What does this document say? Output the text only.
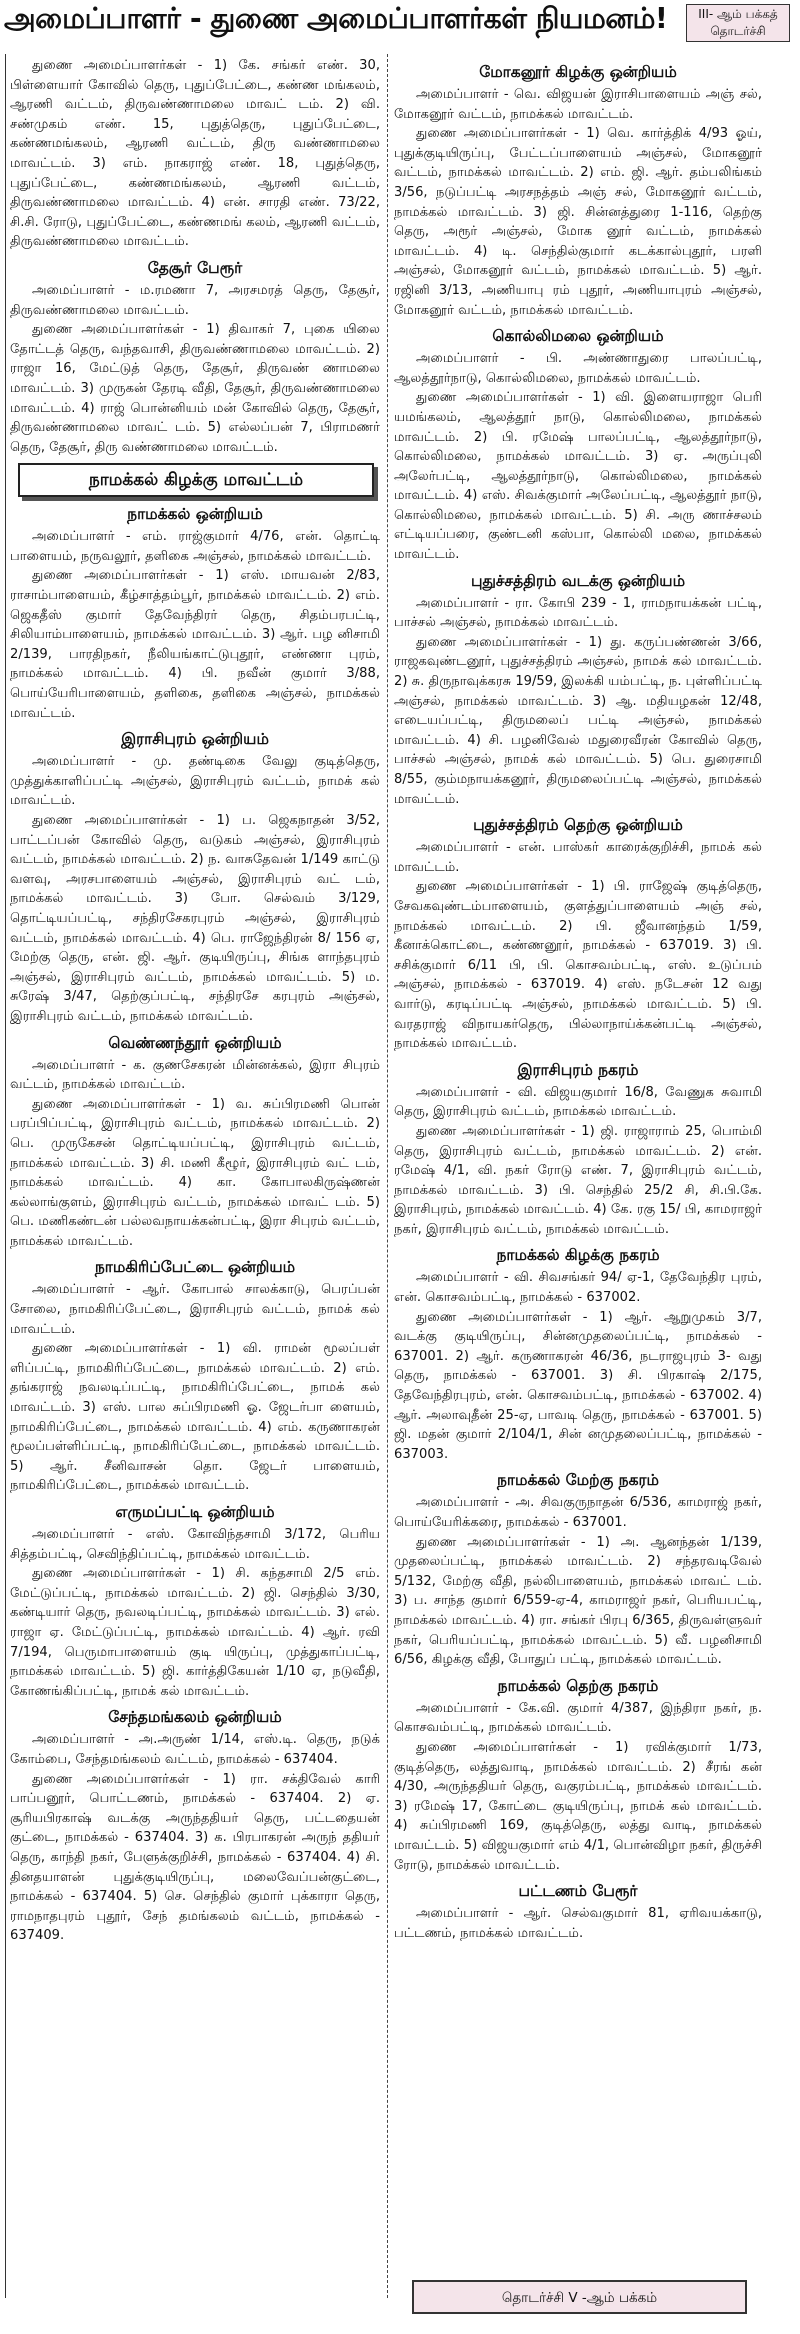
அமைப்பாளர் - துணை அமைப்பாளர்கள் நியமனம்!	III- ஆம் பக்கத் தொடர்ச்சி
துணை அமைப்பாளர்கள் - 1) கே. சங்கர் எண். 30, பிள்ளையார் கோவில் தெரு, புதுப்பேட்டை, கண்ண மங்கலம், ஆரணி வட்டம், திருவண்ணாமலை மாவட் டம். 2) வி. சண்முகம் எண். 15, புதுத்தெரு, புதுப்பேட்டை, கண்ணமங்கலம், ஆரணி வட்டம், திரு வண்ணாமலை மாவட்டம். 3) எம். நாகராஜ் எண். 18, புதுத்தெரு, புதுப்பேட்டை, கண்ணமங்கலம், ஆரணி வட்டம், திருவண்ணாமலை மாவட்டம். 4) என். சாரதி எண். 73/22, சி.சி. ரோடு, புதுப்பேட்டை, கண்ணமங் கலம், ஆரணி வட்டம், திருவண்ணாமலை மாவட்டம்.
தேசூர் பேரூர்
அமைப்பாளர் - ம.ரமணா 7, அரசமரத் தெரு, தேசூர், திருவண்ணாமலை மாவட்டம்.
துணை அமைப்பாளர்கள் - 1) திவாகர் 7, புகை யிலை தோட்டத் தெரு, வந்தவாசி, திருவண்ணாமலை மாவட்டம். 2) ராஜா 16, மேட்டுத் தெரு, தேசூர், திருவண் ணாமலை மாவட்டம். 3) முருகன் தேரடி வீதி, தேசூர், திருவண்ணாமலை மாவட்டம். 4) ராஜ் பொன்னியம் மன் கோவில் தெரு, தேசூர், திருவண்ணாமலை மாவட் டம். 5) எல்லப்பன் 7, பிராமணர் தெரு, தேசூர், திரு வண்ணாமலை மாவட்டம்.
நாமக்கல் கிழக்கு மாவட்டம்
நாமக்கல் ஒன்றியம்
அமைப்பாளர் - எம். ராஜ்குமார் 4/76, என். தொட்டி பாளையம், நருவலூர், தளிகை அஞ்சல், நாமக்கல் மாவட்டம்.
துணை அமைப்பாளர்கள் - 1) எஸ். மாயவன் 2/83, ராசாம்பாளையம், கீழ்சாத்தம்பூர், நாமக்கல் மாவட்டம். 2) எம். ஜெகதீஸ் குமார் தேவேந்திரர் தெரு, சிதம்பரபட்டி, சிலியாம்பாளையம், நாமக்கல் மாவட்டம். 3) ஆர். பழ னிசாமி 2/139, பாரதிநகர், நீலியங்காட்டுபுதூர், எண்ணா புரம், நாமக்கல் மாவட்டம். 4) பி. நவீன் குமார் 3/88, பொய்யேரிபாளையம், தளிகை, தளிகை அஞ்சல், நாமக்கல் மாவட்டம்.
இராசிபுரம் ஒன்றியம்
அமைப்பாளர் - மு. தண்டிகை வேலு குடித்தெரு, முத்துக்காளிப்பட்டி அஞ்சல், இராசிபுரம் வட்டம், நாமக் கல் மாவட்டம்.
துணை அமைப்பாளர்கள் - 1) ப. ஜெகநாதன் 3/52, பாட்டப்பன் கோவில் தெரு, வடுகம் அஞ்சல், இராசிபுரம் வட்டம், நாமக்கல் மாவட்டம். 2) ந. வாசுதேவன் 1/149 காட்டு வளவு, அரசபாளையம் அஞ்சல், இராசிபுரம் வட் டம், நாமக்கல் மாவட்டம். 3) போ. செல்வம் 3/129, தொட்டியப்பட்டி, சந்திரசேகரபுரம் அஞ்சல், இராசிபுரம் வட்டம், நாமக்கல் மாவட்டம். 4) பெ. ராஜேந்திரன் 8/ 156 ஏ, மேற்கு தெரு, என். ஜி. ஆர். குடியிருப்பு, சிங்க ளாந்தபுரம் அஞ்சல், இராசிபுரம் வட்டம், நாமக்கல் மாவட்டம். 5) ம. சுரேஷ் 3/47, தெற்குப்பட்டி, சந்திரசே கரபுரம் அஞ்சல், இராசிபுரம் வட்டம், நாமக்கல் மாவட்டம்.
வெண்ணந்தூர் ஒன்றியம்
அமைப்பாளர் - க. குணசேகரன் மின்னக்கல், இரா சிபுரம் வட்டம், நாமக்கல் மாவட்டம்.
துணை அமைப்பாளர்கள் - 1) வ. சுப்பிரமணி பொன் பரப்பிப்பட்டி, இராசிபுரம் வட்டம், நாமக்கல் மாவட்டம். 2) பெ. முருகேசன் தொட்டியப்பட்டி, இராசிபுரம் வட்டம், நாமக்கல் மாவட்டம். 3) சி. மணி கீழூர், இராசிபுரம் வட் டம், நாமக்கல் மாவட்டம். 4) கா. கோபாலகிருஷ்ணன் கல்லாங்குளம், இராசிபுரம் வட்டம், நாமக்கல் மாவட் டம். 5) பெ. மணிகண்டன் பல்லவநாயக்கன்பட்டி, இரா சிபுரம் வட்டம், நாமக்கல் மாவட்டம்.
நாமகிரிப்பேட்டை ஒன்றியம்
அமைப்பாளர் - ஆர். கோபால் சாலக்காடு, பெரப்பன் சோலை, நாமகிரிப்பேட்டை, இராசிபுரம் வட்டம், நாமக் கல் மாவட்டம்.
துணை அமைப்பாளர்கள் - 1) வி. ராமன் மூலப்பள் ளிப்பட்டி, நாமகிரிப்பேட்டை, நாமக்கல் மாவட்டம். 2) எம். தங்கராஜ் நவலடிப்பட்டி, நாமகிரிப்பேட்டை, நாமக் கல் மாவட்டம். 3) எஸ். பால சுப்பிரமணி ஓ. ஜேடர்பா ளையம், நாமகிரிப்பேட்டை, நாமக்கல் மாவட்டம். 4) எம். கருணாகரன் மூலப்பள்ளிப்பட்டி, நாமகிரிப்பேட்டை, நாமக்கல் மாவட்டம். 5) ஆர். சீனிவாசன் தொ. ஜேடர் பாளையம், நாமகிரிப்பேட்டை, நாமக்கல் மாவட்டம்.
எருமப்பட்டி ஒன்றியம்
அமைப்பாளர் - எஸ். கோவிந்தசாமி 3/172, பெரிய சித்தம்பட்டி, செவிந்திப்பட்டி, நாமக்கல் மாவட்டம்.
துணை அமைப்பாளர்கள் - 1) சி. கந்தசாமி 2/5 எம். மேட்டுப்பட்டி, நாமக்கல் மாவட்டம். 2) ஜி. செந்தில் 3/30, கண்டியார் தெரு, நவலடிப்பட்டி, நாமக்கல் மாவட்டம். 3) எல். ராஜா ஏ. மேட்டுப்பட்டி, நாமக்கல் மாவட்டம். 4) ஆர். ரவி 7/194, பெருமாபாளையம் குடி யிருப்பு, முத்துகாப்பட்டி, நாமக்கல் மாவட்டம். 5) ஜி. கார்த்திகேயன் 1/10 ஏ, நடுவீதி, கோணங்கிப்பட்டி, நாமக் கல் மாவட்டம்.
சேந்தமங்கலம் ஒன்றியம்
அமைப்பாளர் - அ.அருண் 1/14, எஸ்.டி. தெரு, நடுக் கோம்பை, சேந்தமங்கலம் வட்டம், நாமக்கல் - 637404.
துணை அமைப்பாளர்கள் - 1) ரா. சக்திவேல் காரி பாப்பனூர், பொட்டணம், நாமக்கல் - 637404. 2) ஏ. சூரியபிரகாஷ் வடக்கு அருந்ததியர் தெரு, பட்டதையன் குட்டை, நாமக்கல் - 637404. 3) க. பிரபாகரன் அருந் ததியர் தெரு, காந்தி நகர், பேளுக்குறிச்சி, நாமக்கல் - 637404. 4) சி. தினதயாளன் புதுக்குடியிருப்பு, மலைவேப்பன்குட்டை, நாமக்கல் - 637404. 5) செ. செந்தில் குமார் புக்காரா தெரு, ராமநாதபுரம் புதூர், சேந் தமங்கலம் வட்டம், நாமக்கல் - 637409.
மோகனூர் கிழக்கு ஒன்றியம்
அமைப்பாளர் - வெ. விஜயன் இராசிபாளையம் அஞ் சல், மோகனூர் வட்டம், நாமக்கல் மாவட்டம்.
துணை அமைப்பாளர்கள் - 1) வெ. கார்த்திக் 4/93 ஓய், புதுக்குடியிருப்பு, பேட்டப்பாளையம் அஞ்சல், மோகனூர் வட்டம், நாமக்கல் மாவட்டம். 2) எம். ஜி. ஆர். தம்பலிங்கம் 3/56, நடுப்பட்டி அரசநத்தம் அஞ் சல், மோகனூர் வட்டம், நாமக்கல் மாவட்டம். 3) ஜி. சின்னத்துரை 1-116, தெற்கு தெரு, அரூர் அஞ்சல், மோக னூர் வட்டம், நாமக்கல் மாவட்டம். 4) டி. செந்தில்குமார் கடக்கால்புதூர், பரளி அஞ்சல், மோகனூர் வட்டம், நாமக்கல் மாவட்டம். 5) ஆர். ரஜினி 3/13, அணியாபு ரம் புதூர், அணியாபுரம் அஞ்சல், மோகனூர் வட்டம், நாமக்கல் மாவட்டம்.
கொல்லிமலை ஒன்றியம்
அமைப்பாளர் - பி. அண்ணாதுரை பாலப்பட்டி, ஆலத்தூர்நாடு, கொல்லிமலை, நாமக்கல் மாவட்டம்.
துணை அமைப்பாளர்கள் - 1) வி. இளையராஜா பெரி யமங்கலம், ஆலத்தூர் நாடு, கொல்லிமலை, நாமக்கல் மாவட்டம். 2) பி. ரமேஷ் பாலப்பட்டி, ஆலத்தூர்நாடு, கொல்லிமலை, நாமக்கல் மாவட்டம். 3) ஏ. அருப்புலி அலேர்பட்டி, ஆலத்தூர்நாடு, கொல்லிமலை, நாமக்கல் மாவட்டம். 4) எஸ். சிவக்குமார் அலேப்பட்டி, ஆலத்தூர் நாடு, கொல்லிமலை, நாமக்கல் மாவட்டம். 5) சி. அரு ணாச்சலம் எட்டியப்பரை, குண்டனி கஸ்பா, கொல்லி மலை, நாமக்கல் மாவட்டம்.
புதுச்சத்திரம் வடக்கு ஒன்றியம்
அமைப்பாளர் - ரா. கோபி 239 - 1, ராமநாயக்கன் பட்டி, பாச்சல் அஞ்சல், நாமக்கல் மாவட்டம்.
துணை அமைப்பாளர்கள் - 1) து. கருப்பண்ணன் 3/66, ராஜகவுண்டனூர், புதுச்சத்திரம் அஞ்சல், நாமக் கல் மாவட்டம். 2) சு. திருநாவுக்கரசு 19/59, இலக்கி யம்பட்டி, ந. புள்ளிப்பட்டி அஞ்சல், நாமக்கல் மாவட்டம். 3) ஆ. மதியழகன் 12/48, எடையப்பட்டி, திருமலைப் பட்டி அஞ்சல், நாமக்கல் மாவட்டம். 4) சி. பழனிவேல் மதுரைவீரன் கோவில் தெரு, பாச்சல் அஞ்சல், நாமக் கல் மாவட்டம். 5) பெ. துரைசாமி 8/55, கும்மநாயக்கனூர், திருமலைப்பட்டி அஞ்சல், நாமக்கல் மாவட்டம்.
புதுச்சத்திரம் தெற்கு ஒன்றியம்
அமைப்பாளர் - என். பாஸ்கர் காரைக்குறிச்சி, நாமக் கல் மாவட்டம்.
துணை அமைப்பாளர்கள் - 1) பி. ராஜேஷ் குடித்தெரு, சேவகவுண்டம்பாளையம், குளத்துப்பாளையம் அஞ் சல், நாமக்கல் மாவட்டம். 2) பி. ஜீவானந்தம் 1/59, கீனாக்கொட்டை, கண்ணனூர், நாமக்கல் - 637019. 3) பி. சசிக்குமார் 6/11 பி, பி. கொசவம்பட்டி, எஸ். உடுப்பம் அஞ்சல், நாமக்கல் - 637019. 4) எஸ். நடேசன் 12 வது வார்டு, கரடிப்பட்டி அஞ்சல், நாமக்கல் மாவட்டம். 5) பி. வரதராஜ் விநாயகர்தெரு, பில்லாநாய்க்கன்பட்டி அஞ்சல், நாமக்கல் மாவட்டம்.
இராசிபுரம் நகரம்
அமைப்பாளர் - வி. விஜயகுமார் 16/8, வேணுக சுவாமி தெரு, இராசிபுரம் வட்டம், நாமக்கல் மாவட்டம்.
துணை அமைப்பாளர்கள் - 1) ஜி. ராஜாராம் 25, பொம்மி தெரு, இராசிபுரம் வட்டம், நாமக்கல் மாவட்டம். 2) என். ரமேஷ் 4/1, வி. நகர் ரோடு எண். 7, இராசிபுரம் வட்டம், நாமக்கல் மாவட்டம். 3) பி. செந்தில் 25/2 சி, சி.பி.கே. இராசிபுரம், நாமக்கல் மாவட்டம். 4) கே. ரகு 15/ பி, காமராஜர் நகர், இராசிபுரம் வட்டம், நாமக்கல் மாவட்டம்.
நாமக்கல் கிழக்கு நகரம்
அமைப்பாளர் - வி. சிவசங்கர் 94/ ஏ-1, தேவேந்திர புரம், என். கொசவம்பட்டி, நாமக்கல் - 637002.
துணை அமைப்பாளர்கள் - 1) ஆர். ஆறுமுகம் 3/7, வடக்கு குடியிருப்பு, சின்னமுதலைப்பட்டி, நாமக்கல் - 637001. 2) ஆர். கருணாகரன் 46/36, நடராஜபுரம் 3- வது தெரு, நாமக்கல் - 637001. 3) சி. பிரகாஷ் 2/175, தேவேந்திரபுரம், என். கொசவம்பட்டி, நாமக்கல் - 637002. 4) ஆர். அலாவுதீன் 25-ஏ, பாவடி தெரு, நாமக்கல் - 637001. 5) ஜி. மதன் குமார் 2/104/1, சின் னமுதலைப்பட்டி, நாமக்கல் - 637003.
நாமக்கல் மேற்கு நகரம்
அமைப்பாளர் - அ. சிவகுருநாதன் 6/536, காமராஜ் நகர், பொய்யேரிக்கரை, நாமக்கல் - 637001.
துணை அமைப்பாளர்கள் - 1) அ. ஆனந்தன் 1/139, முதலைப்பட்டி, நாமக்கல் மாவட்டம். 2) சந்தரவடிவேல் 5/132, மேற்கு வீதி, நல்லிபாளையம், நாமக்கல் மாவட் டம். 3) ப. சாந்த குமார் 6/559-ஏ-4, காமராஜர் நகர், பெரியபட்டி, நாமக்கல் மாவட்டம். 4) ரா. சங்கர் பிரபு 6/365, திருவள்ளுவர் நகர், பெரியப்பட்டி, நாமக்கல் மாவட்டம். 5) வீ. பழனிசாமி 6/56, கிழக்கு வீதி, போதுப் பட்டி, நாமக்கல் மாவட்டம்.
நாமக்கல் தெற்கு நகரம்
அமைப்பாளர் - கே.வி. குமார் 4/387, இந்திரா நகர், ந. கொசவம்பட்டி, நாமக்கல் மாவட்டம்.
துணை அமைப்பாளர்கள் - 1) ரவிக்குமார் 1/73, குடித்தெரு, லத்துவாடி, நாமக்கல் மாவட்டம். 2) சீரங் கன் 4/30, அருந்ததியர் தெரு, வகுரம்பட்டி, நாமக்கல் மாவட்டம். 3) ரமேஷ் 17, கோட்டை குடியிருப்பு, நாமக் கல் மாவட்டம். 4) சுப்பிரமணி 169, குடித்தெரு, லத்து வாடி, நாமக்கல் மாவட்டம். 5) விஜயகுமார் எம் 4/1, பொன்விழா நகர், திருச்சி ரோடு, நாமக்கல் மாவட்டம்.
பட்டணம் பேரூர்
அமைப்பாளர் - ஆர். செல்வகுமார் 81, ஏரிவயக்காடு, பட்டணம், நாமக்கல் மாவட்டம்.
தொடர்ச்சி V -ஆம் பக்கம்
